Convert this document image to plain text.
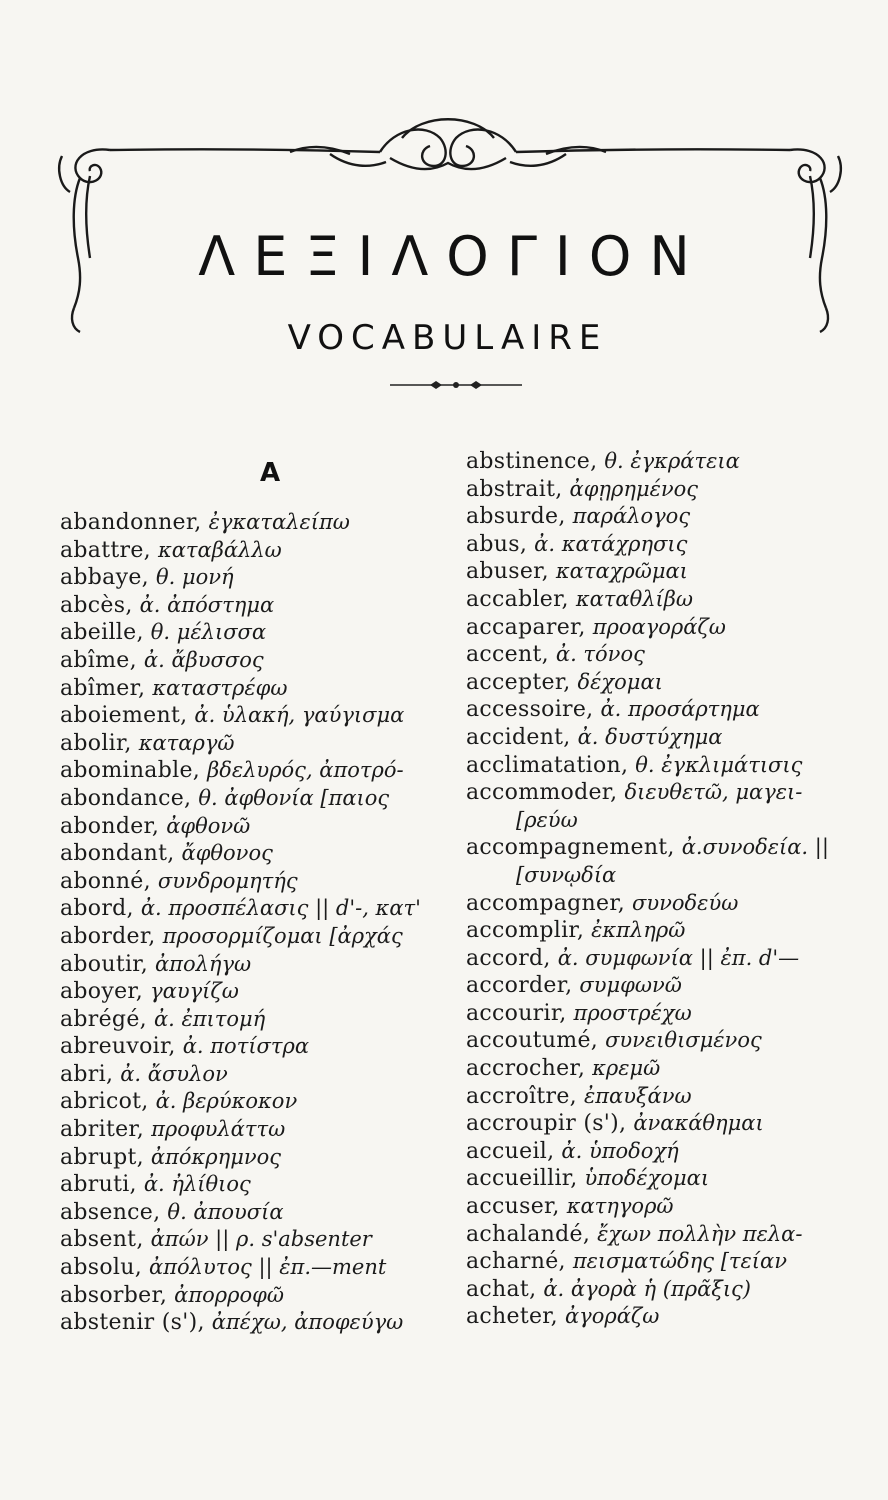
ΛΕΞΙΛΟΓΙΟΝ
VOCABULAIRE
A
abandonner, ἐγκαταλείπω
abattre, καταβάλλω
abbaye, θ. μονή
abcès, ἀ. ἀπόστημα
abeille, θ. μέλισσα
abîme, ἀ. ἄβυσσος
abîmer, καταστρέφω
aboiement, ἀ. ὑλακή, γαύγισμα
abolir, καταργῶ
abominable, βδελυρός, ἀποτρό-
abondance, θ. ἀφθονία [παιος
abonder, ἀφθονῶ
abondant, ἄφθονος
abonné, συνδρομητής
abord, ἀ. προσπέλασις || d'-, κατ'
aborder, προσορμίζομαι [ἀρχάς
aboutir, ἀπολήγω
aboyer, γαυγίζω
abrégé, ἀ. ἐπιτομή
abreuvoir, ἀ. ποτίστρα
abri, ἀ. ἄσυλον
abricot, ἀ. βερύκοκον
abriter, προφυλάττω
abrupt, ἀπόκρημνος
abruti, ἀ. ἠλίθιος
absence, θ. ἀπουσία
absent, ἀπών || ρ. s'absenter
absolu, ἀπόλυτος || ἐπ.—ment
absorber, ἀπορροφῶ
abstenir (s'), ἀπέχω, ἀποφεύγω
abstinence, θ. ἐγκράτεια
abstrait, ἀφῃρημένος
absurde, παράλογος
abus, ἀ. κατάχρησις
abuser, καταχρῶμαι
accabler, καταθλίβω
accaparer, προαγοράζω
accent, ἀ. τόνος
accepter, δέχομαι
accessoire, ἀ. προσάρτημα
accident, ἀ. δυστύχημα
acclimatation, θ. ἐγκλιμάτισις
accommoder, διευθετῶ, μαγει-
[ρεύω
accompagnement, ἀ.συνοδεία. ||
[συνῳδία
accompagner, συνοδεύω
accomplir, ἐκπληρῶ
accord, ἀ. συμφωνία || ἐπ. d'—
accorder, συμφωνῶ
accourir, προστρέχω
accoutumé, συνειθισμένος
accrocher, κρεμῶ
accroître, ἐπαυξάνω
accroupir (s'), ἀνακάθημαι
accueil, ἀ. ὑποδοχή
accueillir, ὑποδέχομαι
accuser, κατηγορῶ
achalandé, ἔχων πολλὴν πελα-
acharné, πεισματώδης [τείαν
achat, ἀ. ἀγορὰ ἡ (πρᾶξις)
acheter, ἀγοράζω
